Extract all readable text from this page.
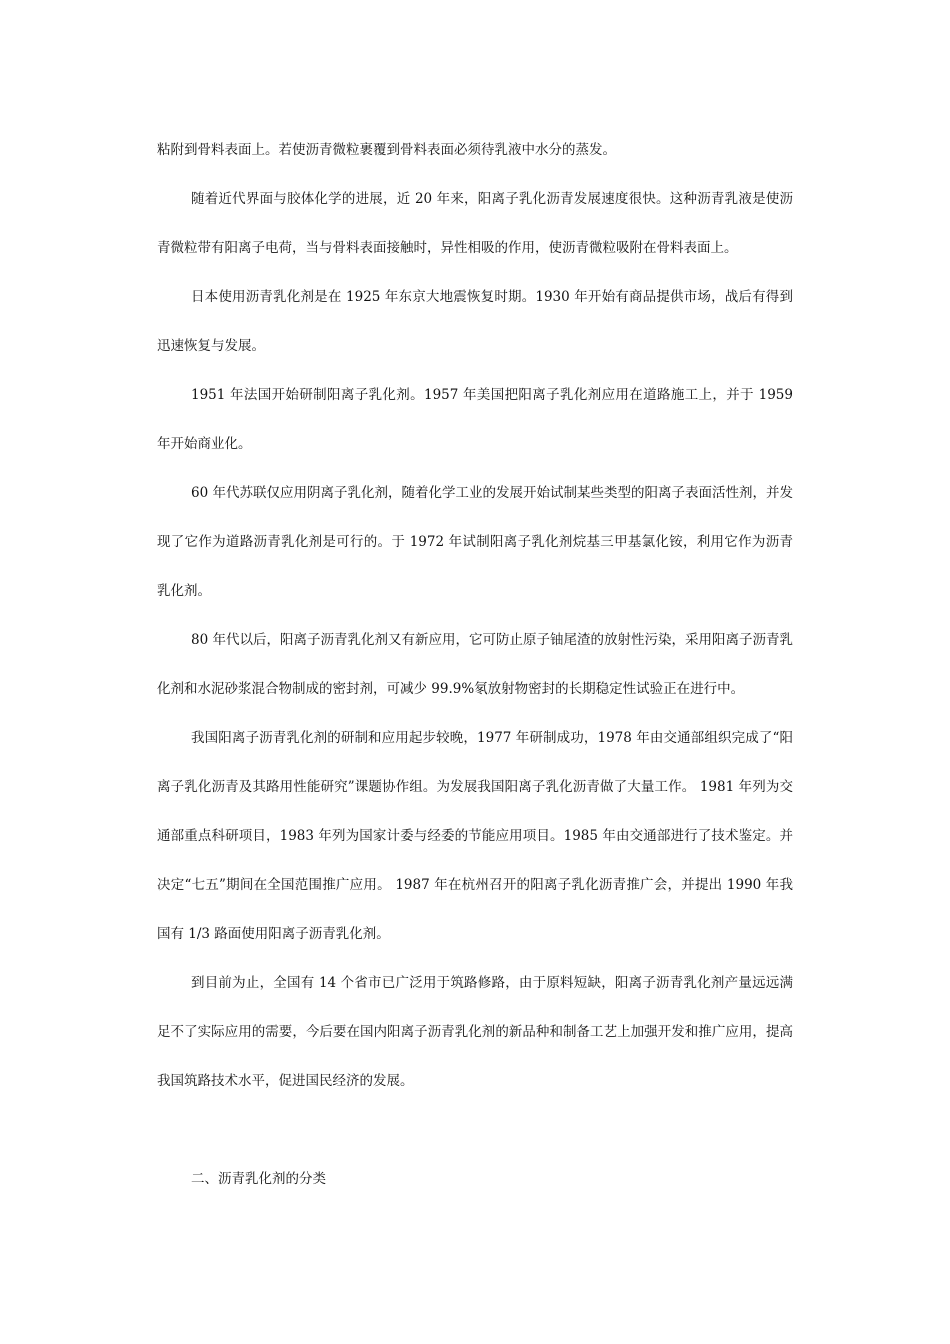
粘附到骨料表面上。若使沥青微粒裹覆到骨料表面必须待乳液中水分的蒸发。

随着近代界面与胶体化学的进展，近 20 年来，阳离子乳化沥青发展速度很快。这种沥青乳液是使沥青微粒带有阳离子电荷，当与骨料表面接触时，异性相吸的作用，使沥青微粒吸附在骨料表面上。

日本使用沥青乳化剂是在 1925 年东京大地震恢复时期。1930 年开始有商品提供市场，战后有得到迅速恢复与发展。

1951 年法国开始研制阳离子乳化剂。1957 年美国把阳离子乳化剂应用在道路施工上，并于 1959 年开始商业化。

60 年代苏联仅应用阴离子乳化剂，随着化学工业的发展开始试制某些类型的阳离子表面活性剂，并发现了它作为道路沥青乳化剂是可行的。于 1972 年试制阳离子乳化剂烷基三甲基氯化铵，利用它作为沥青乳化剂。

80 年代以后，阳离子沥青乳化剂又有新应用，它可防止原子铀尾渣的放射性污染，采用阳离子沥青乳化剂和水泥砂浆混合物制成的密封剂，可减少 99.9%氡放射物密封的长期稳定性试验正在进行中。

我国阳离子沥青乳化剂的研制和应用起步较晚，1977 年研制成功，1978 年由交通部组织完成了“阳离子乳化沥青及其路用性能研究”课题协作组。为发展我国阳离子乳化沥青做了大量工作。 1981 年列为交通部重点科研项目，1983 年列为国家计委与经委的节能应用项目。1985 年由交通部进行了技术鉴定。并决定“七五”期间在全国范围推广应用。 1987 年在杭州召开的阳离子乳化沥青推广会，并提出 1990 年我国有 1/3 路面使用阳离子沥青乳化剂。

到目前为止，全国有 14 个省市已广泛用于筑路修路，由于原料短缺，阳离子沥青乳化剂产量远远满足不了实际应用的需要，今后要在国内阳离子沥青乳化剂的新品种和制备工艺上加强开发和推广应用，提高我国筑路技术水平，促进国民经济的发展。

二、沥青乳化剂的分类
